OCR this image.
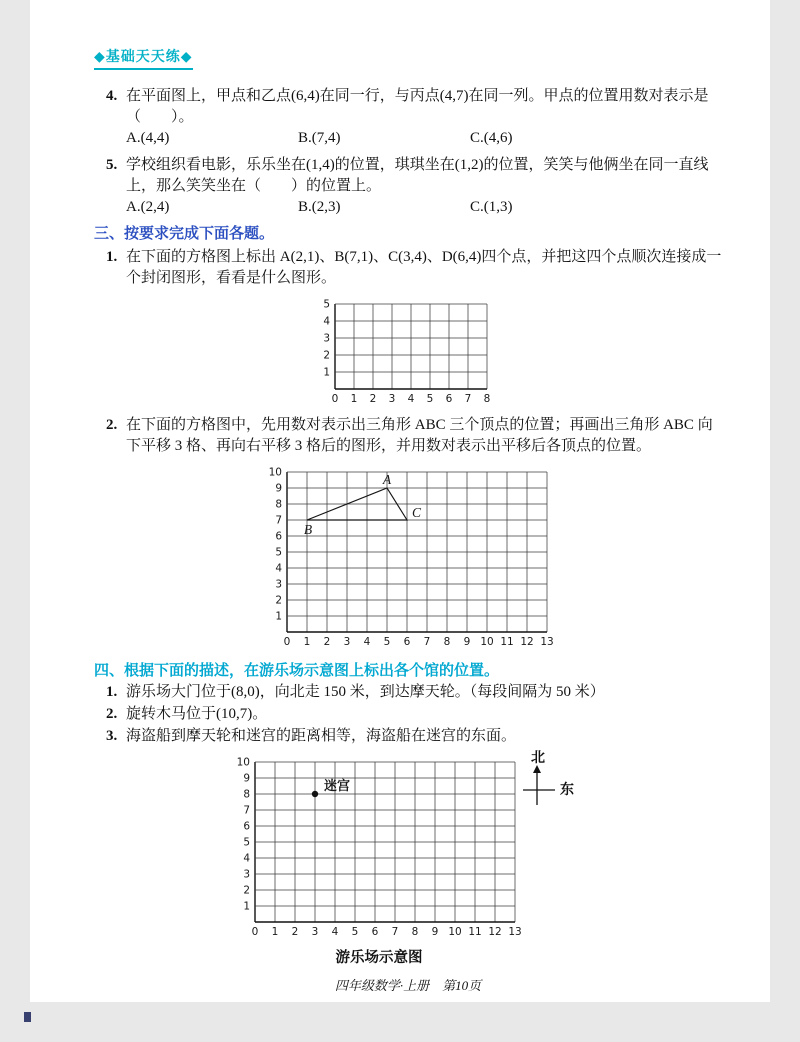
◆基础天天练◆
4. 在平面图上，甲点和乙点(6,4)在同一行，与丙点(4,7)在同一列。甲点的位置用数对表示是（　　）。
A.(4,4)	B.(7,4)	C.(4,6)
5. 学校组织看电影，乐乐坐在(1,4)的位置，琪琪坐在(1,2)的位置，笑笑与他俩坐在同一直线上，那么笑笑坐在（　　）的位置上。
A.(2,4)	B.(2,3)	C.(1,3)
三、按要求完成下面各题。
1. 在下面的方格图上标出 A(2,1)、B(7,1)、C(3,4)、D(6,4)四个点，并把这四个点顺次连接成一个封闭图形，看看是什么图形。
0 1 2 3 4 5 6 7 8
1
2
3
4
5
2. 在下面的方格图中，先用数对表示出三角形 ABC 三个顶点的位置；再画出三角形 ABC 向下平移 3 格、再向右平移 3 格后的图形，并用数对表示出平移后各顶点的位置。
0 1 2 3 4 5 6 7 8 9 10 11 12 13
1
2
3
4
5
6
7
8
9
10	A
B
C
四、根据下面的描述，在游乐场示意图上标出各个馆的位置。
1. 游乐场大门位于(8,0)，向北走 150 米，到达摩天轮。（每段间隔为 50 米）
2. 旋转木马位于(10,7)。
3. 海盗船到摩天轮和迷宫的距离相等，海盗船在迷宫的东面。
0 1 2 3 4 5 6 7 8 9 10 11 12 13
1
2
3
4
5
6
7
8
9
10
迷宫
北
东
游乐场示意图
四年级数学·上册　第10页
